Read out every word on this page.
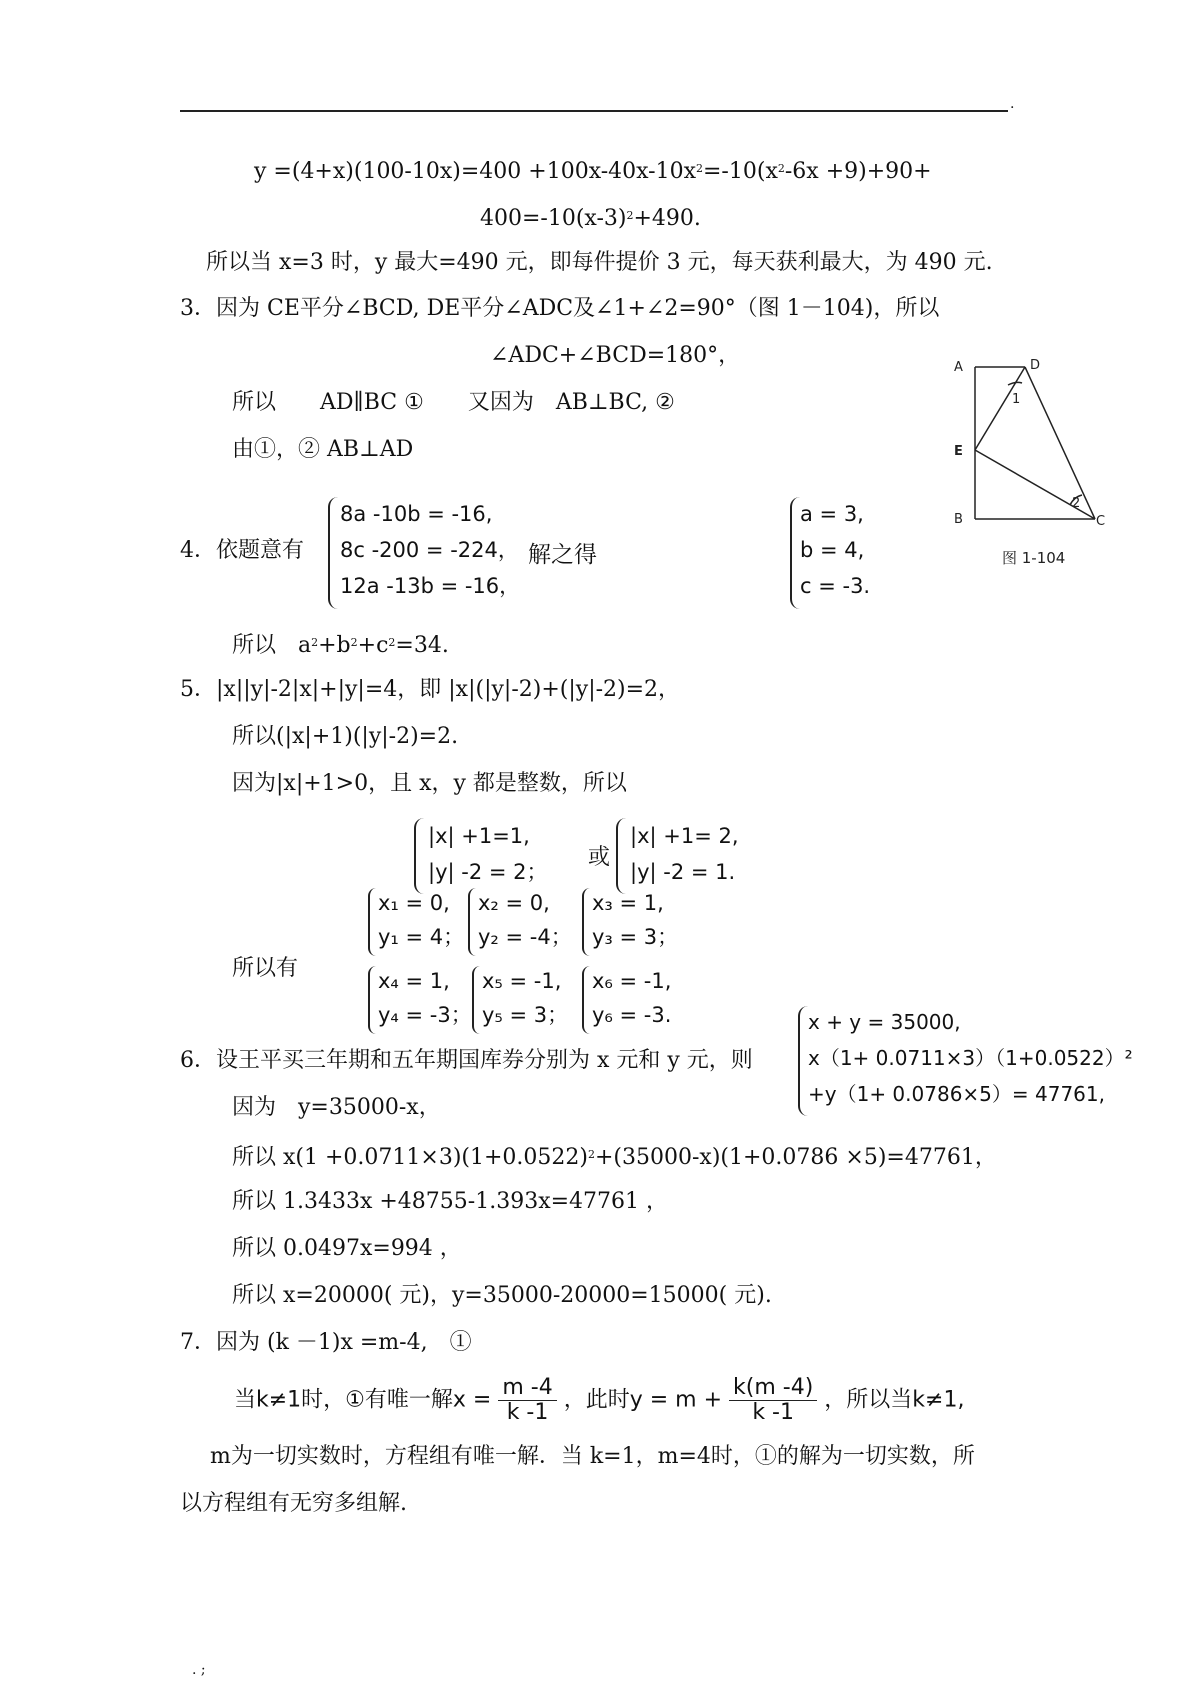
.
$y =(4+x)(100-10x)=400 +100x-40x-10x^2=-10(x^2-6x +9)+90+$
$400=-10(x-3)^2+490$.
所以当 x=3 时，y 最大=490 元，即每件提价 3 元，每天获利最大，为 490 元.
3．因为 CE平分∠BCD, DE平分∠ADC及∠1+∠2=90°（图 1－104)，所以
∠ADC+∠BCD=180°，
所以　　AD∥BC ①　　又因为　AB⊥BC, ②
由①，② AB⊥AD
A	D
E
B	C
1
2
图 1-104
4．依题意有
8a -10b = -16,
8c -200 = -224，
12a -13b = -16，
解之得
a = 3,
b = 4,
c = -3.
所以　$a^2+b^2+c^2=34$.
5．|x||y|-2|x|+|y|=4，即 |x|(|y|-2)+(|y|-2)=2，
所以(|x|+1)(|y|-2)=2.
因为|x|+1>0，且 x，y 都是整数，所以
|x| +1=1,
|y| -2 = 2；
或
|x| +1= 2,
|y| -2 = 1.
所以有
x₁ = 0,
y₁ = 4；
x₂ = 0,
y₂ = -4；
x₃ = 1,
y₃ = 3；
x₄ = 1,
y₄ = -3；
x₅ = -1,
y₅ = 3；
x₆ = -1,
y₆ = -3.
6．设王平买三年期和五年期国库券分别为 x 元和 y 元，则
x + y = 35000,
x（1+ 0.0711×3）（1+0.0522）²
+y（1+ 0.0786×5）= 47761,
因为　y=35000-x，
所以 $x(1 +0.0711\times 3)(1+0.0522)^2+(35000-x)(1+0.0786 \times 5)=47761$，
所以 1.3433x +48755-1.393x=47761 ，
所以 0.0497x=994 ，
所以 x=20000( 元)，y=35000-20000=15000( 元).
7．因为 (k －1)x =m-4,　①
当k≠1时，①有唯一解$x = \frac{m -4}{k -1}$ ，此时$y = m + \frac{k(m -4)}{k -1}$ ，所以当k≠1,
m为一切实数时，方程组有唯一解．当 k=1，m=4时，①的解为一切实数，所
以方程组有无穷多组解.
. ;
